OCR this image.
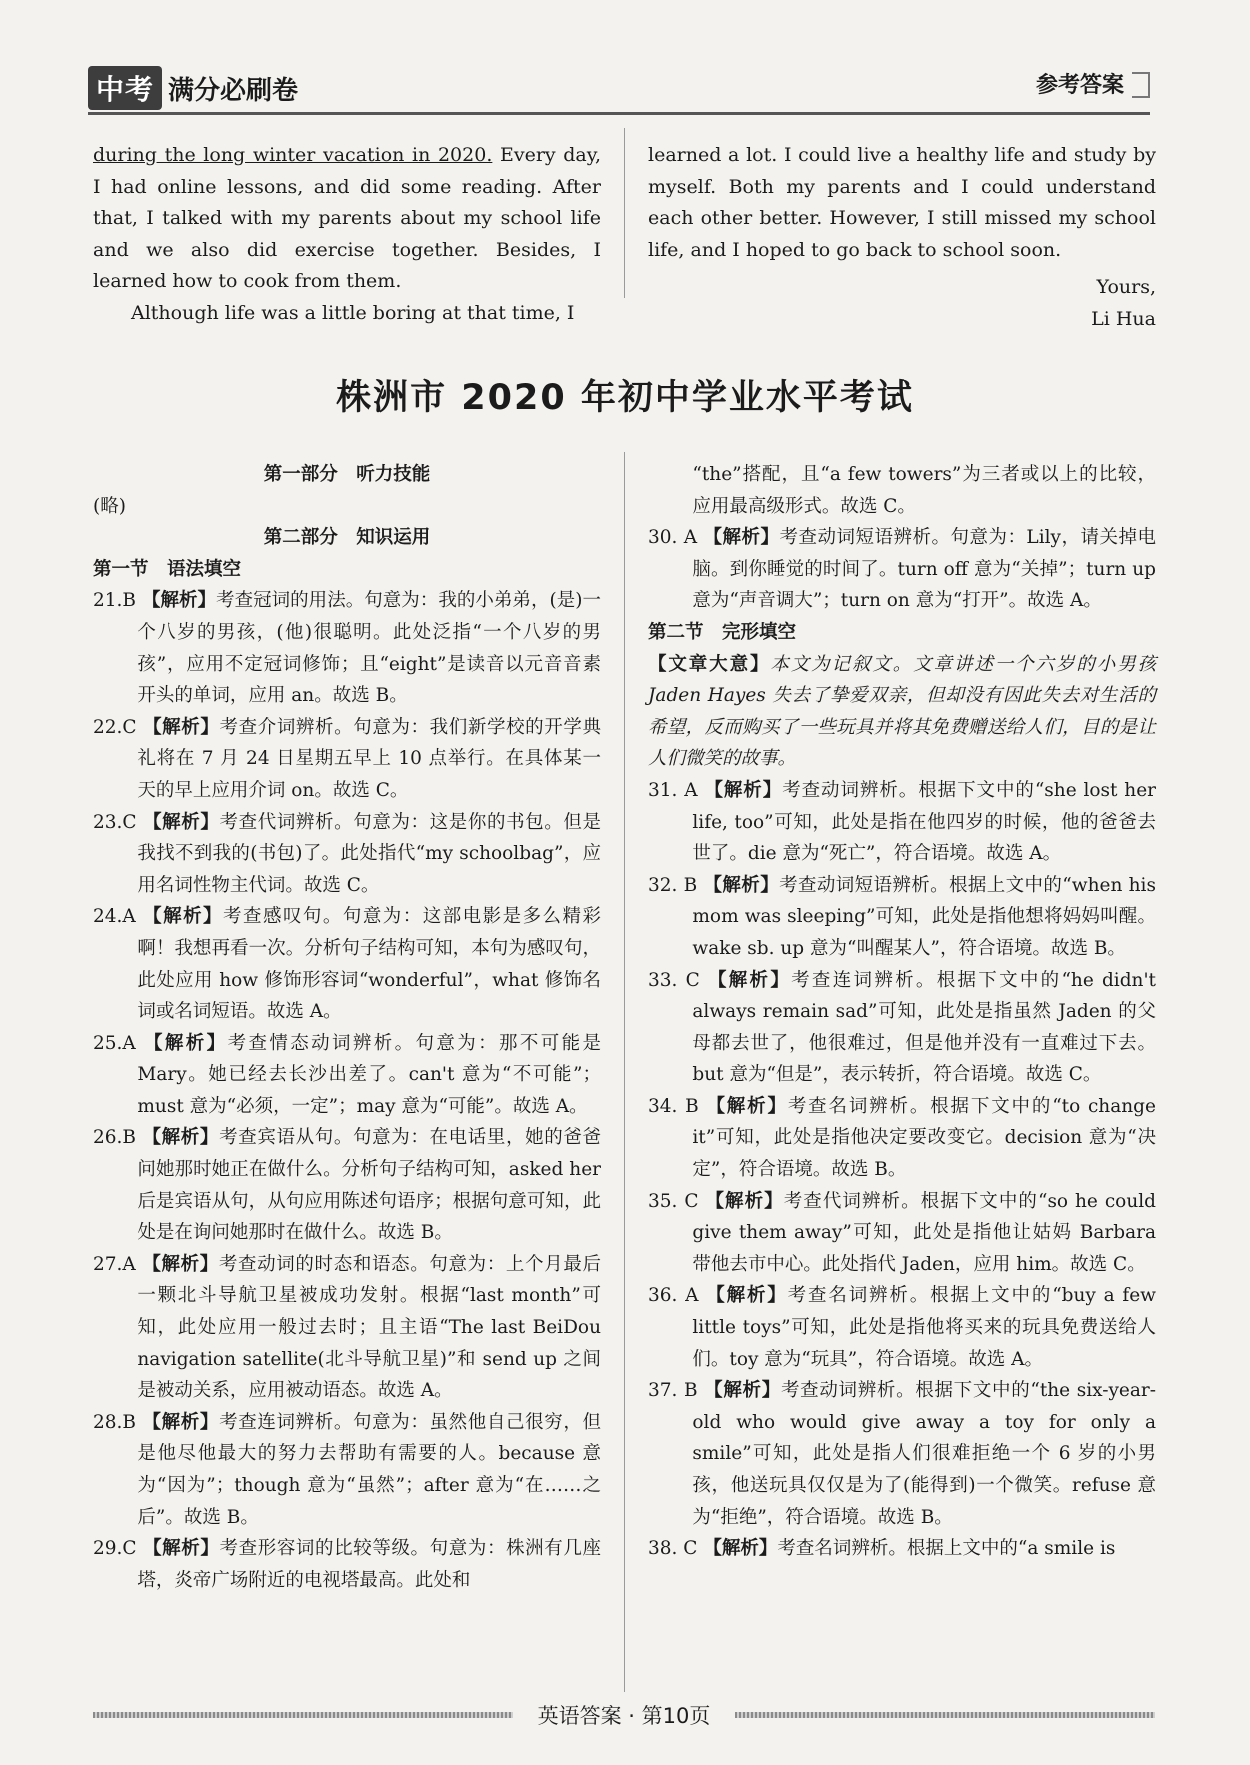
中考 满分必刷卷	参考答案

during the long winter vacation in 2020. Every day, I had online lessons, and did some reading. After that, I talked with my parents about my school life and we also did exercise together. Besides, I learned how to cook from them.

Although life was a little boring at that time, I

learned a lot. I could live a healthy life and study by myself. Both my parents and I could understand each other better. However, I still missed my school life, and I hoped to go back to school soon.

Yours,

Li Hua

株洲市 2020 年初中学业水平考试
第一部分　听力技能
(略)
第二部分　知识运用
第一节　语法填空
21.B 【解析】考查冠词的用法。句意为：我的小弟弟，(是)一个八岁的男孩，(他)很聪明。此处泛指“一个八岁的男孩”，应用不定冠词修饰；且“eight”是读音以元音音素开头的单词，应用 an。故选 B。
22.C 【解析】考查介词辨析。句意为：我们新学校的开学典礼将在 7 月 24 日星期五早上 10 点举行。在具体某一天的早上应用介词 on。故选 C。
23.C 【解析】考查代词辨析。句意为：这是你的书包。但是我找不到我的(书包)了。此处指代“my schoolbag”，应用名词性物主代词。故选 C。
24.A 【解析】考查感叹句。句意为：这部电影是多么精彩啊！我想再看一次。分析句子结构可知，本句为感叹句，此处应用 how 修饰形容词“wonderful”，what 修饰名词或名词短语。故选 A。
25.A 【解析】考查情态动词辨析。句意为：那不可能是 Mary。她已经去长沙出差了。can't 意为“不可能”；must 意为“必须，一定”；may 意为“可能”。故选 A。
26.B 【解析】考查宾语从句。句意为：在电话里，她的爸爸问她那时她正在做什么。分析句子结构可知，asked her 后是宾语从句，从句应用陈述句语序；根据句意可知，此处是在询问她那时在做什么。故选 B。
27.A 【解析】考查动词的时态和语态。句意为：上个月最后一颗北斗导航卫星被成功发射。根据“last month”可知，此处应用一般过去时；且主语“The last BeiDou navigation satellite(北斗导航卫星)”和 send up 之间是被动关系，应用被动语态。故选 A。
28.B 【解析】考查连词辨析。句意为：虽然他自己很穷，但是他尽他最大的努力去帮助有需要的人。because 意为“因为”；though 意为“虽然”；after 意为“在……之后”。故选 B。
29.C 【解析】考查形容词的比较等级。句意为：株洲有几座塔，炎帝广场附近的电视塔最高。此处和

“the”搭配，且“a few towers”为三者或以上的比较，应用最高级形式。故选 C。

30. A 【解析】考查动词短语辨析。句意为：Lily，请关掉电脑。到你睡觉的时间了。turn off 意为“关掉”；turn up 意为“声音调大”；turn on 意为“打开”。故选 A。
第二节　完形填空

【文章大意】本文为记叙文。文章讲述一个六岁的小男孩 Jaden Hayes 失去了挚爱双亲，但却没有因此失去对生活的希望，反而购买了一些玩具并将其免费赠送给人们，目的是让人们微笑的故事。

31. A 【解析】考查动词辨析。根据下文中的“she lost her life, too”可知，此处是指在他四岁的时候，他的爸爸去世了。die 意为“死亡”，符合语境。故选 A。
32. B 【解析】考查动词短语辨析。根据上文中的“when his mom was sleeping”可知，此处是指他想将妈妈叫醒。wake sb. up 意为“叫醒某人”，符合语境。故选 B。
33. C 【解析】考查连词辨析。根据下文中的“he didn't always remain sad”可知，此处是指虽然 Jaden 的父母都去世了，他很难过，但是他并没有一直难过下去。but 意为“但是”，表示转折，符合语境。故选 C。
34. B 【解析】考查名词辨析。根据下文中的“to change it”可知，此处是指他决定要改变它。decision 意为“决定”，符合语境。故选 B。
35. C 【解析】考查代词辨析。根据下文中的“so he could give them away”可知，此处是指他让姑妈 Barbara 带他去市中心。此处指代 Jaden，应用 him。故选 C。
36. A 【解析】考查名词辨析。根据上文中的“buy a few little toys”可知，此处是指他将买来的玩具免费送给人们。toy 意为“玩具”，符合语境。故选 A。
37. B 【解析】考查动词辨析。根据下文中的“the six-year-old who would give away a toy for only a smile”可知，此处是指人们很难拒绝一个 6 岁的小男孩，他送玩具仅仅是为了(能得到)一个微笑。refuse 意为“拒绝”，符合语境。故选 B。
38. C 【解析】考查名词辨析。根据上文中的“a smile is
英语答案 · 第10页
